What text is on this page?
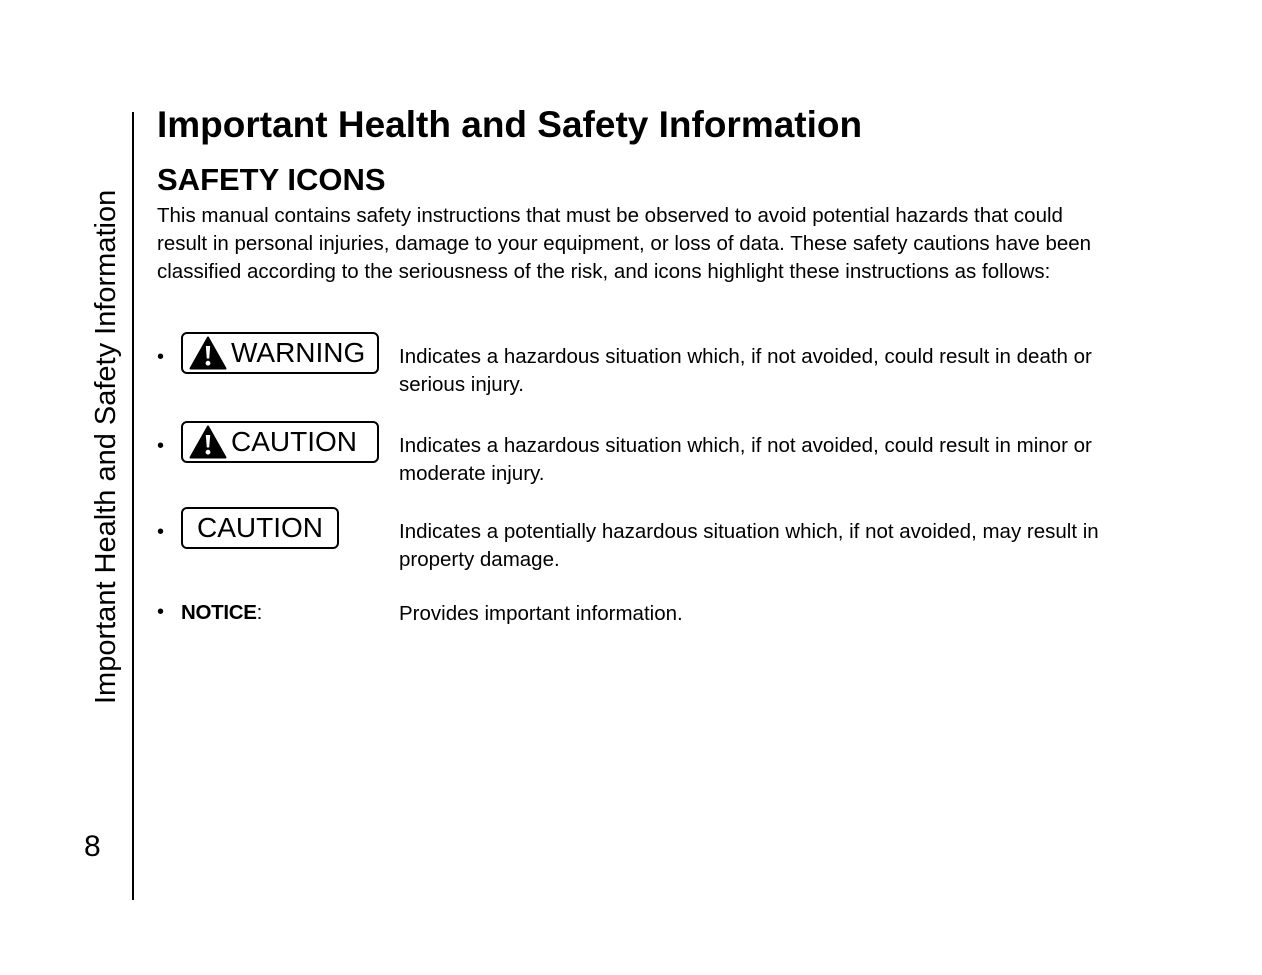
Important Health and Safety Information
8
Important Health and Safety Information
SAFETY ICONS

This manual contains safety instructions that must be observed to avoid potential hazards that could result in personal injuries, damage to your equipment, or loss of data. These safety cautions have been classified according to the seriousness of the risk, and icons highlight these instructions as follows:

• WARNING Indicates a hazardous situation which, if not avoided, could result in death or serious injury.
• CAUTION Indicates a hazardous situation which, if not avoided, could result in minor or moderate injury.
• CAUTION	Indicates a potentially hazardous situation which, if not avoided, may result in property damage.
• NOTICE:	Provides important information.
